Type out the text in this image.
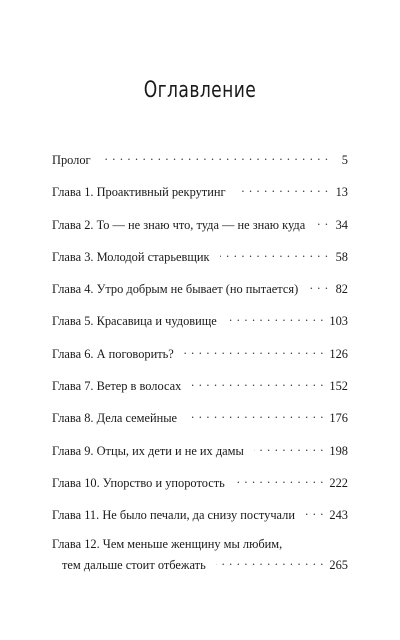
Оглавление
Пролог . . .	5
Глава 1. Проактивный рекрутинг . . .	13
Глава 2. То — не знаю что, туда — не знаю куда . . . 34
Глава 3. Молодой старьевщик . . .	58
Глава 4. Утро добрым не бывает (но пытается) . . .	82
Глава 5. Красавица и чудовище . . .	103
Глава 6. А поговорить? . . .	126
Глава 7. Ветер в волосах . . .	152
Глава 8. Дела семейные . . .	176
Глава 9. Отцы, их дети и не их дамы . . .	198
Глава 10. Упорство и упоротость . . .	222
Глава 11. Не было печали, да снизу постучали . . .	243
Глава 12. Чем меньше женщину мы любим,
тем дальше стоит отбежать . . .	265
